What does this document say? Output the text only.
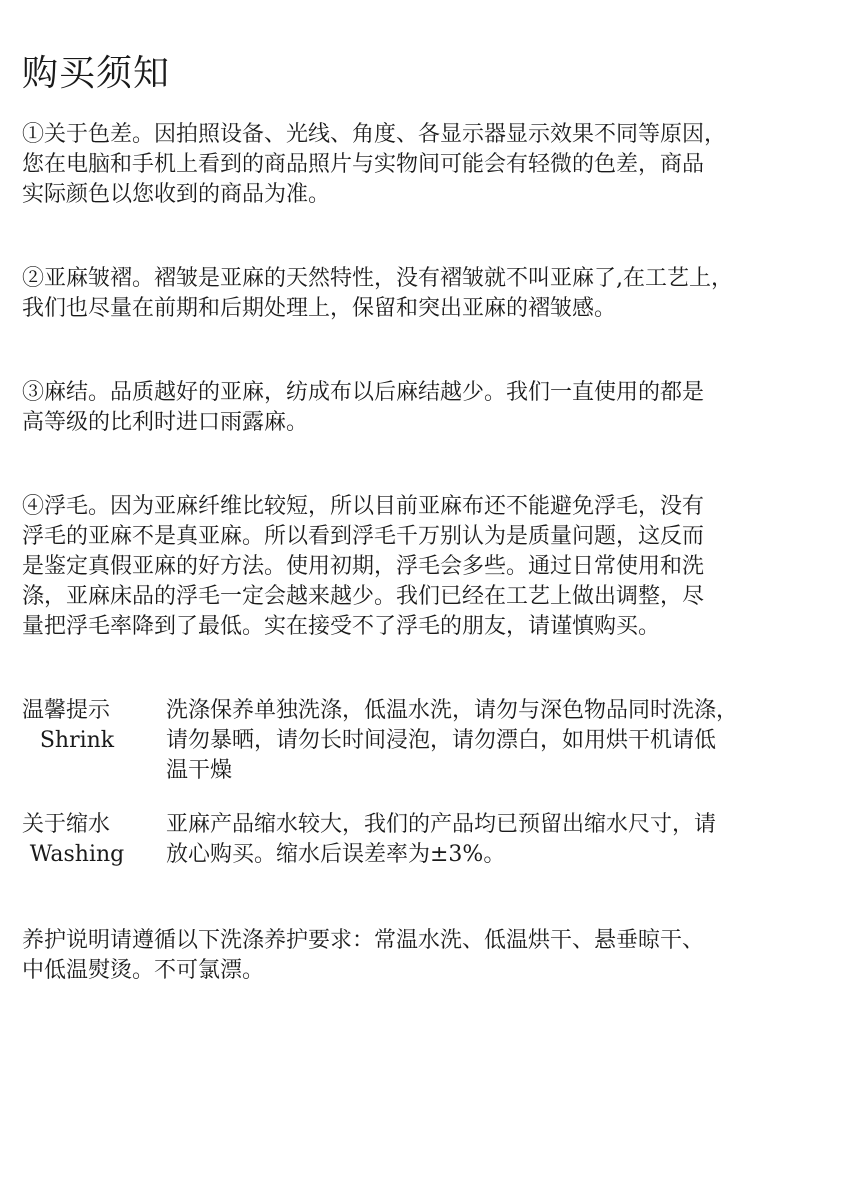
购买须知
①关于色差。因拍照设备、光线、角度、各显示器显示效果不同等原因，
您在电脑和手机上看到的商品照片与实物间可能会有轻微的色差，商品
实际颜色以您收到的商品为准。
②亚麻皱褶。褶皱是亚麻的天然特性，没有褶皱就不叫亚麻了,在工艺上，
我们也尽量在前期和后期处理上，保留和突出亚麻的褶皱感。
③麻结。品质越好的亚麻，纺成布以后麻结越少。我们一直使用的都是
高等级的比利时进口雨露麻。
④浮毛。因为亚麻纤维比较短，所以目前亚麻布还不能避免浮毛，没有
浮毛的亚麻不是真亚麻。所以看到浮毛千万别认为是质量问题，这反而
是鉴定真假亚麻的好方法。使用初期，浮毛会多些。通过日常使用和洗
涤，亚麻床品的浮毛一定会越来越少。我们已经在工艺上做出调整，尽
量把浮毛率降到了最低。实在接受不了浮毛的朋友，请谨慎购买。
温馨提示
Shrink
洗涤保养单独洗涤，低温水洗，请勿与深色物品同时洗涤，
请勿暴晒，请勿长时间浸泡，请勿漂白，如用烘干机请低
温干燥
关于缩水
Washing
亚麻产品缩水较大，我们的产品均已预留出缩水尺寸，请
放心购买。缩水后误差率为±3%。
养护说明请遵循以下洗涤养护要求：常温水洗、低温烘干、悬垂晾干、
中低温熨烫。不可氯漂。
